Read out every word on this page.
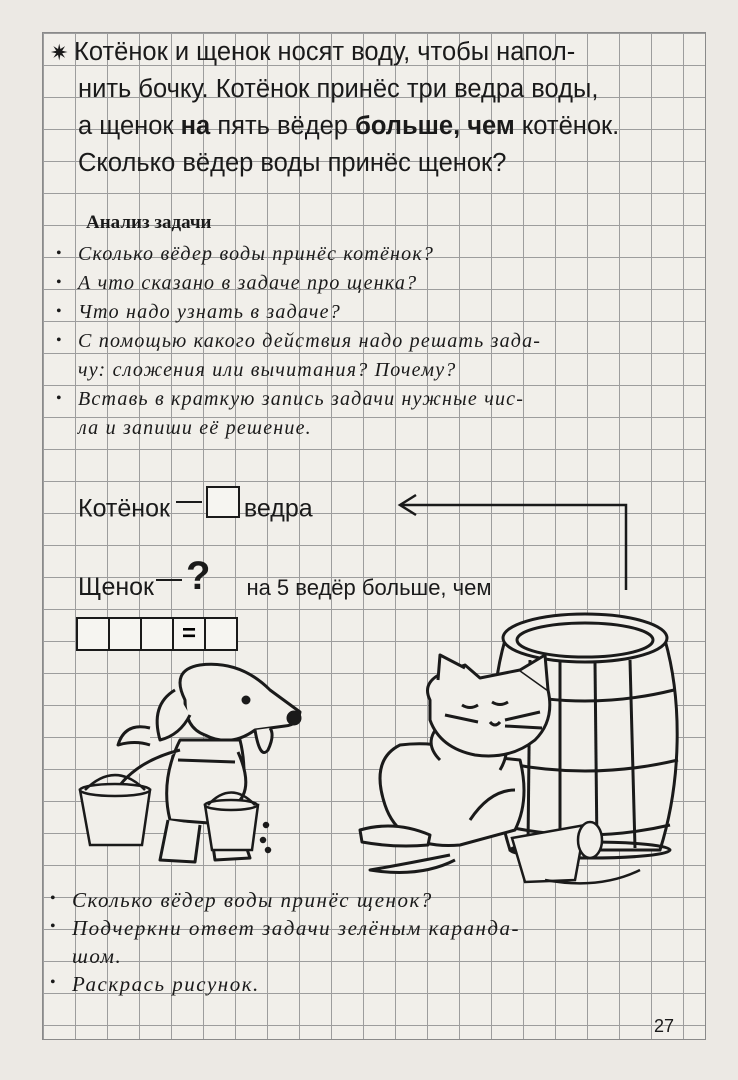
✷ Котёнок и щенок носят воду, чтобы напол-
нить бочку. Котёнок принёс три ведра воды,
а щенок на пять вёдер больше, чем котёнок.
Сколько вёдер воды принёс щенок?
Анализ задачи
• Сколько вёдер воды принёс котёнок?
• А что сказано в задаче про щенка?
• Что надо узнать в задаче?
• С помощью какого действия надо решать зада-
чу: сложения или вычитания? Почему?
• Вставь в краткую запись задачи нужные чис-
ла и запиши её решение.
Котёнок	ведра
Щенок ? на 5 ведёр больше, чем
=
• Сколько вёдер воды принёс щенок?
• Подчеркни ответ задачи зелёным каранда-
шом.
• Раскрась рисунок.
27
